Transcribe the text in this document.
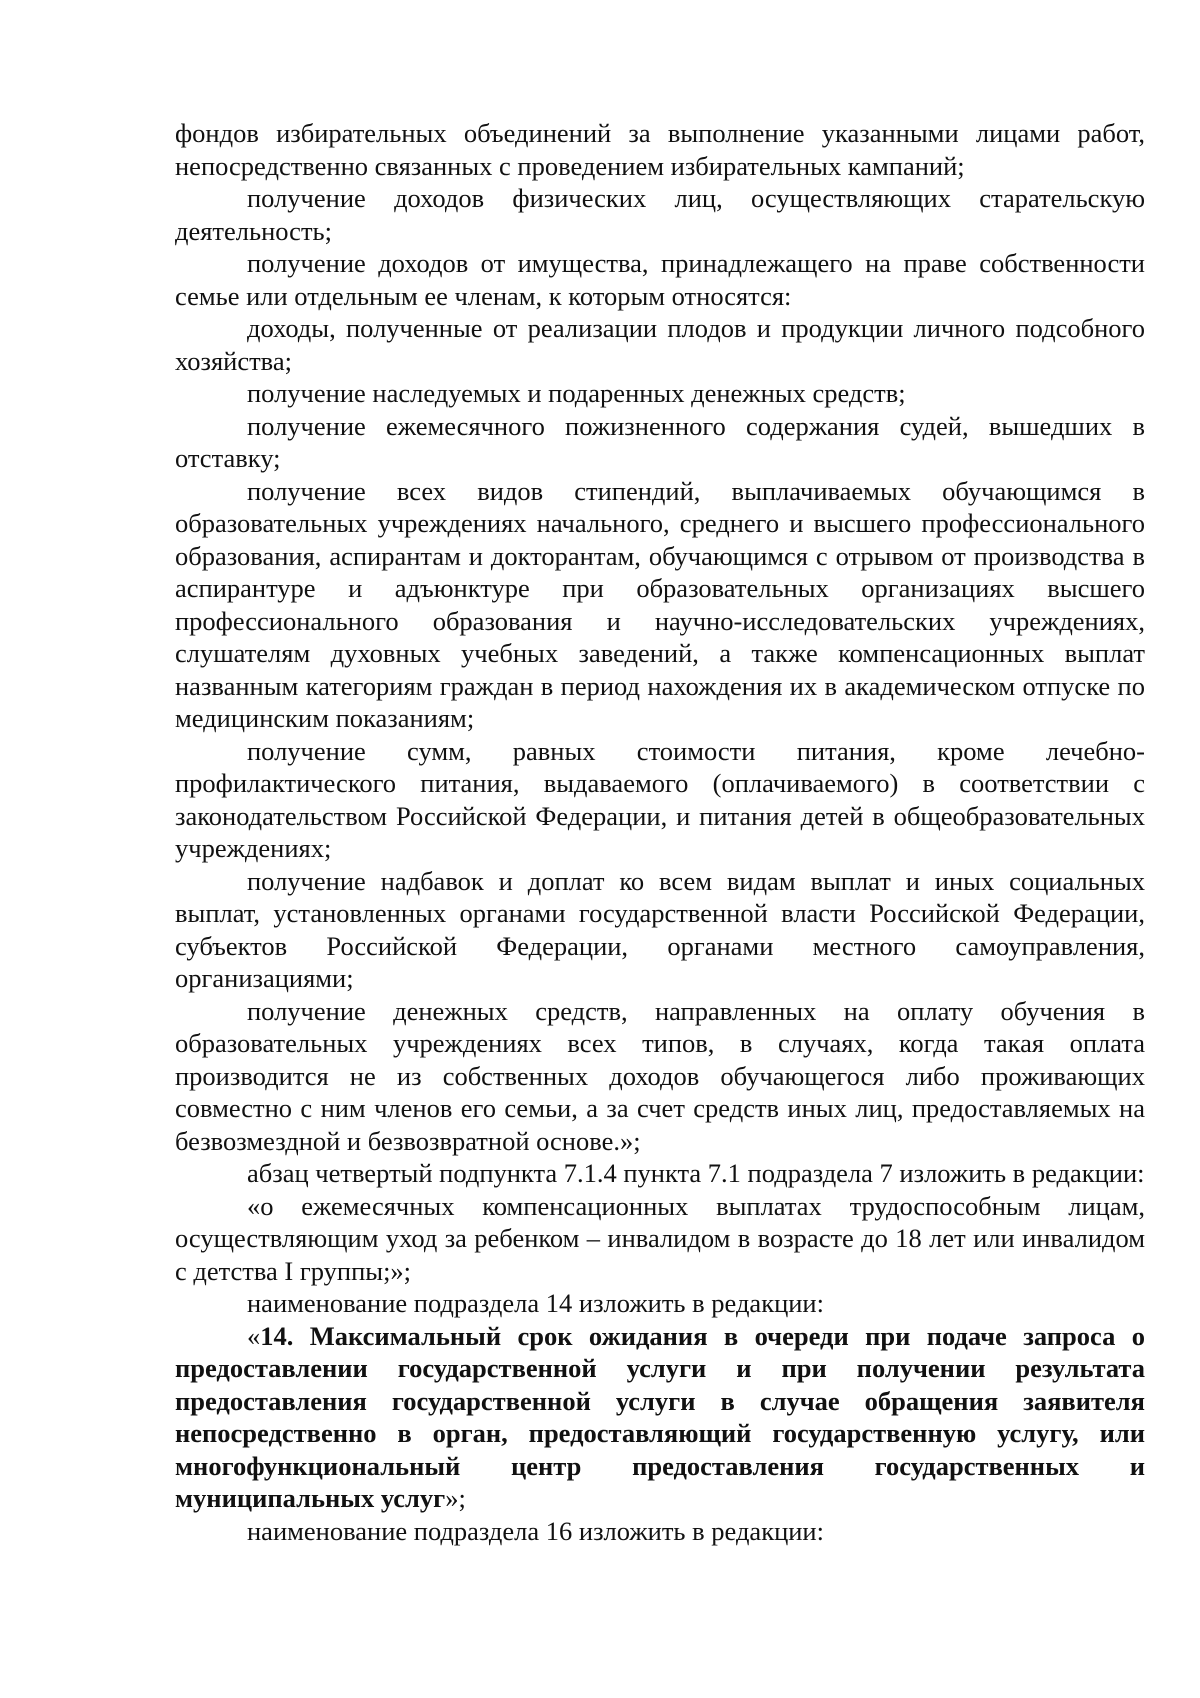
фондов избирательных объединений за выполнение указанными лицами работ, непосредственно связанных с проведением избирательных кампаний;

получение доходов физических лиц, осуществляющих старательскую деятельность;

получение доходов от имущества, принадлежащего на праве собственности семье или отдельным ее членам, к которым относятся:

доходы, полученные от реализации плодов и продукции личного подсобного хозяйства;

получение наследуемых и подаренных денежных средств;

получение ежемесячного пожизненного содержания судей, вышедших в отставку;

получение всех видов стипендий, выплачиваемых обучающимся в образовательных учреждениях начального, среднего и высшего профессионального образования, аспирантам и докторантам, обучающимся с отрывом от производства в аспирантуре и адъюнктуре при образовательных организациях высшего профессионального образования и научно-исследовательских учреждениях, слушателям духовных учебных заведений, а также компенсационных выплат названным категориям граждан в период нахождения их в академическом отпуске по медицинским показаниям;

получение сумм, равных стоимости питания, кроме лечебно-профилактического питания, выдаваемого (оплачиваемого) в соответствии с законодательством Российской Федерации, и питания детей в общеобразовательных учреждениях;

получение надбавок и доплат ко всем видам выплат и иных социальных выплат, установленных органами государственной власти Российской Федерации, субъектов Российской Федерации, органами местного самоуправления, организациями;

получение денежных средств, направленных на оплату обучения в образовательных учреждениях всех типов, в случаях, когда такая оплата производится не из собственных доходов обучающегося либо проживающих совместно с ним членов его семьи, а за счет средств иных лиц, предоставляемых на безвозмездной и безвозвратной основе.»;

абзац четвертый подпункта 7.1.4 пункта 7.1 подраздела 7 изложить в редакции:

«о ежемесячных компенсационных выплатах трудоспособным лицам, осуществляющим уход за ребенком – инвалидом в возрасте до 18 лет или инвалидом с детства I группы;»;

наименование подраздела 14 изложить в редакции:

«14. Максимальный срок ожидания в очереди при подаче запроса о предоставлении государственной услуги и при получении результата предоставления государственной услуги в случае обращения заявителя непосредственно в орган, предоставляющий государственную услугу, или многофункциональный центр предоставления государственных и муниципальных услуг»;

наименование подраздела 16 изложить в редакции:
